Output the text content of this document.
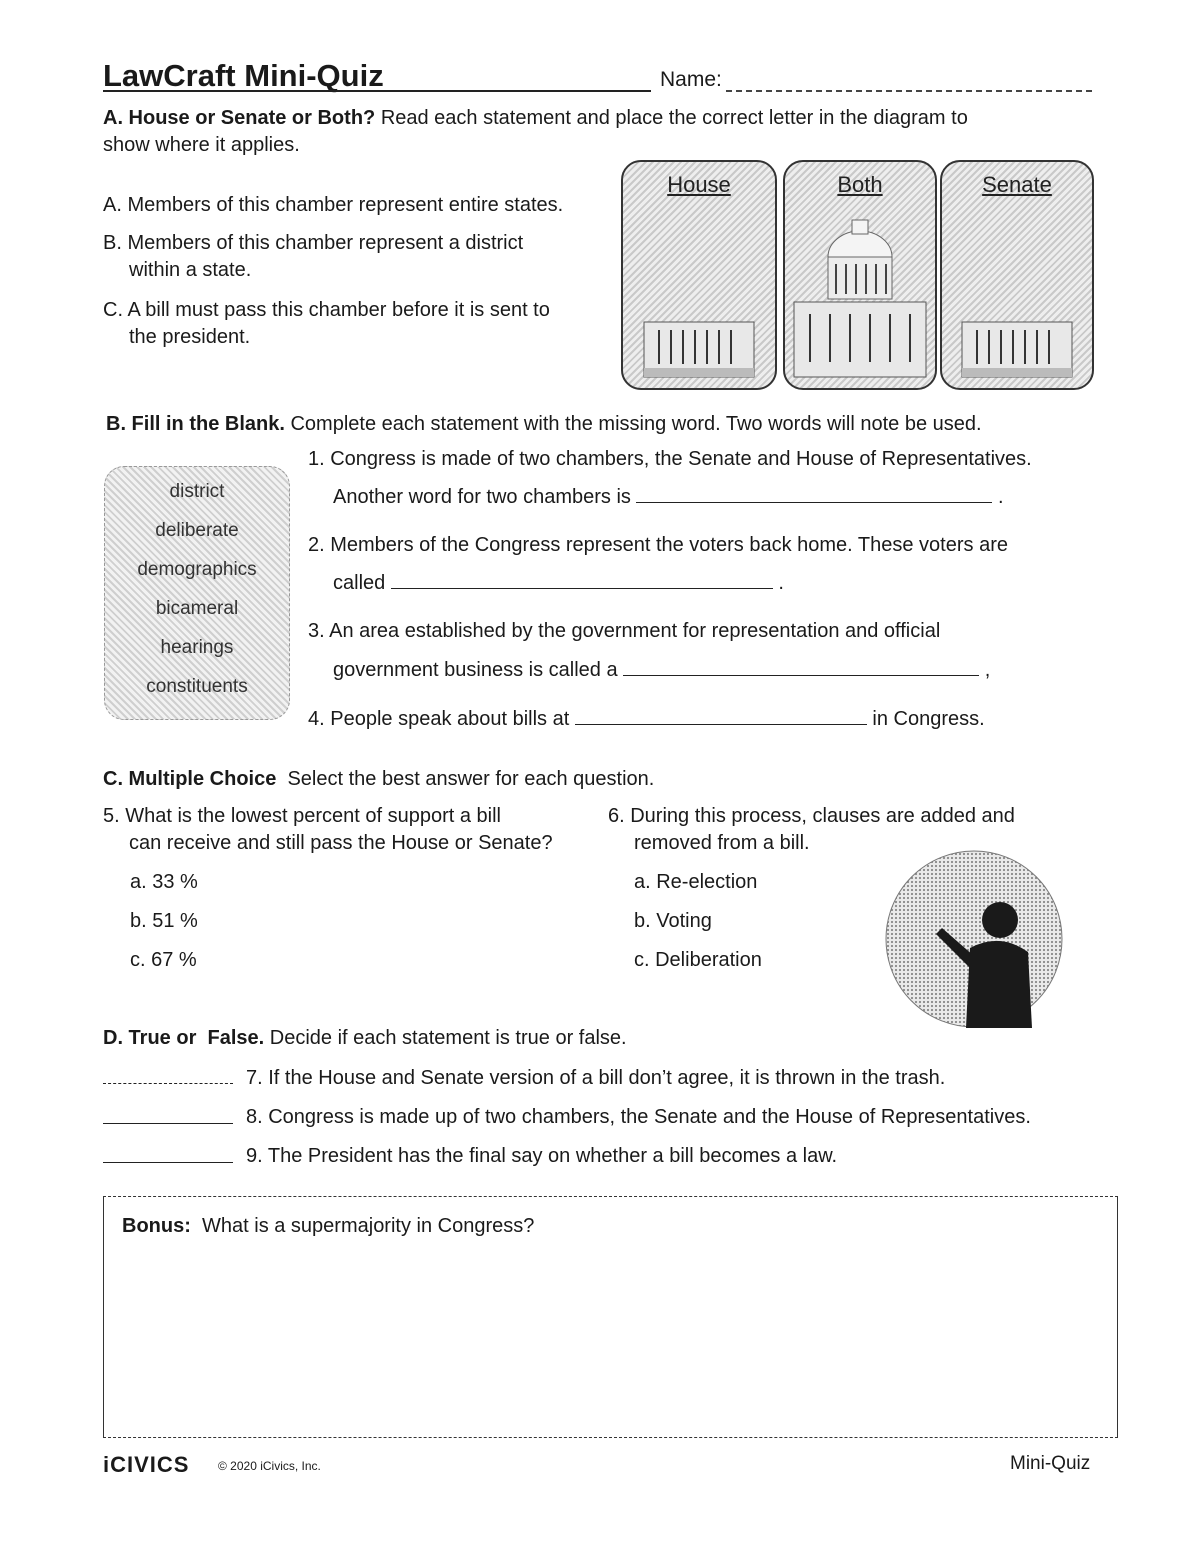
LawCraft Mini-Quiz	Name:
A. House or Senate or Both? Read each statement and place the correct letter in the diagram to
show where it applies.
A. Members of this chamber represent entire states.
B. Members of this chamber represent a district
within a state.
C. A bill must pass this chamber before it is sent to
the president.
House	Both	Senate
B. Fill in the Blank. Complete each statement with the missing word. Two words will note be used.
district
deliberate
demographics
bicameral
hearings
constituents
1. Congress is made of two chambers, the Senate and House of Representatives.
Another word for two chambers is	.
2. Members of the Congress represent the voters back home. These voters are
called	.
3. An area established by the government for representation and official
government business is called a	,
4. People speak about bills at	in Congress.
C. Multiple Choice Select the best answer for each question.
5. What is the lowest percent of support a bill
can receive and still pass the House or Senate?
a. 33 %
b. 51 %
c. 67 %
6. During this process, clauses are added and
removed from a bill.
a. Re-election
b. Voting
c. Deliberation
D. True or False. Decide if each statement is true or false.
7. If the House and Senate version of a bill don’t agree, it is thrown in the trash.
8. Congress is made up of two chambers, the Senate and the House of Representatives.
9. The President has the final say on whether a bill becomes a law.
Bonus: What is a supermajority in Congress?
iCIVICS © 2020 iCivics, Inc.	Mini-Quiz
